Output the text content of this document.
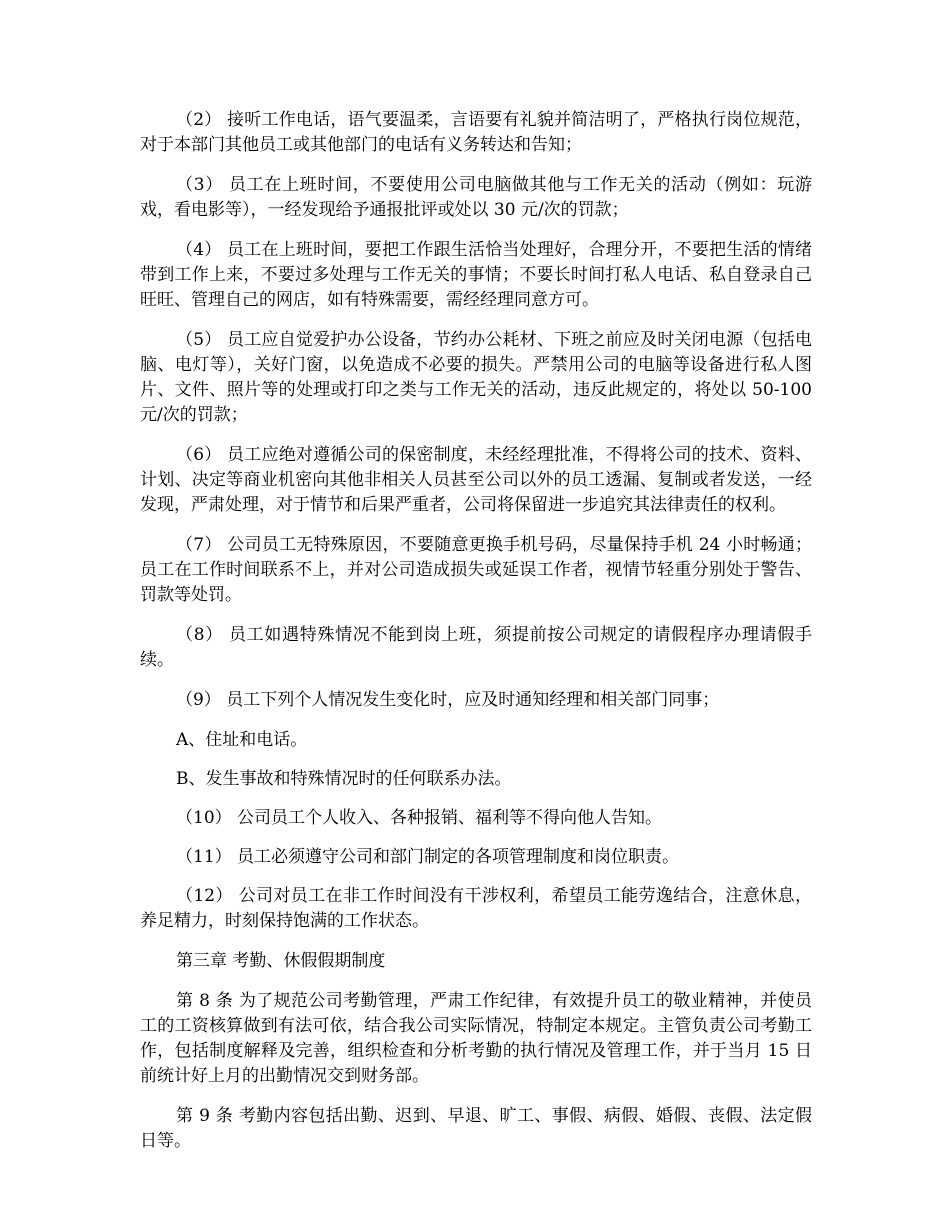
（2） 接听工作电话，语气要温柔，言语要有礼貌并简洁明了，严格执行岗位规范，对于本部门其他员工或其他部门的电话有义务转达和告知；

（3） 员工在上班时间，不要使用公司电脑做其他与工作无关的活动（例如：玩游戏，看电影等），一经发现给予通报批评或处以 30 元/次的罚款；

（4） 员工在上班时间，要把工作跟生活恰当处理好，合理分开，不要把生活的情绪带到工作上来，不要过多处理与工作无关的事情；不要长时间打私人电话、私自登录自己旺旺、管理自己的网店，如有特殊需要，需经经理同意方可。

（5） 员工应自觉爱护办公设备，节约办公耗材、下班之前应及时关闭电源（包括电脑、电灯等），关好门窗，以免造成不必要的损失。严禁用公司的电脑等设备进行私人图片、文件、照片等的处理或打印之类与工作无关的活动，违反此规定的，将处以 50-100 元/次的罚款；

（6） 员工应绝对遵循公司的保密制度，未经经理批准，不得将公司的技术、资料、计划、决定等商业机密向其他非相关人员甚至公司以外的员工透漏、复制或者发送，一经发现，严肃处理，对于情节和后果严重者，公司将保留进一步追究其法律责任的权利。

（7） 公司员工无特殊原因，不要随意更换手机号码，尽量保持手机 24 小时畅通；员工在工作时间联系不上，并对公司造成损失或延误工作者，视情节轻重分别处于警告、罚款等处罚。

（8） 员工如遇特殊情况不能到岗上班，须提前按公司规定的请假程序办理请假手续。

（9） 员工下列个人情况发生变化时，应及时通知经理和相关部门同事；

A、住址和电话。

B、发生事故和特殊情况时的任何联系办法。

（10） 公司员工个人收入、各种报销、福利等不得向他人告知。

（11） 员工必须遵守公司和部门制定的各项管理制度和岗位职责。

（12） 公司对员工在非工作时间没有干涉权利，希望员工能劳逸结合，注意休息，养足精力，时刻保持饱满的工作状态。

第三章 考勤、休假假期制度

第 8 条 为了规范公司考勤管理，严肃工作纪律，有效提升员工的敬业精神，并使员工的工资核算做到有法可依，结合我公司实际情况，特制定本规定。主管负责公司考勤工作，包括制度解释及完善，组织检查和分析考勤的执行情况及管理工作，并于当月 15 日前统计好上月的出勤情况交到财务部。

第 9 条 考勤内容包括出勤、迟到、早退、旷工、事假、病假、婚假、丧假、法定假日等。
